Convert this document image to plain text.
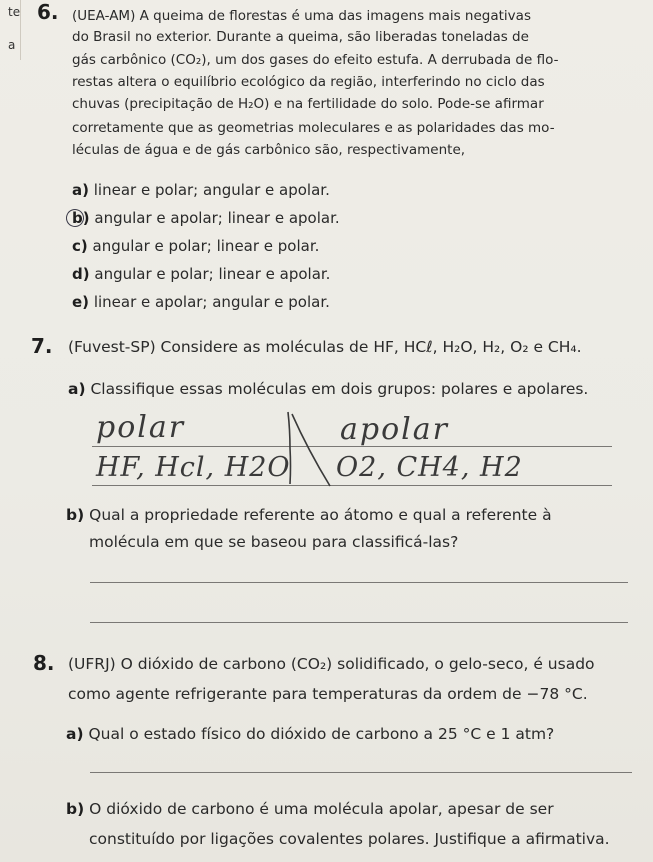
te
a
6. (UEA-AM) A queima de florestas é uma das imagens mais negativas
do Brasil no exterior. Durante a queima, são liberadas toneladas de
gás carbônico (CO₂), um dos gases do efeito estufa. A derrubada de flo-
restas altera o equilíbrio ecológico da região, interferindo no ciclo das
chuvas (precipitação de H₂O) e na fertilidade do solo. Pode-se afirmar
corretamente que as geometrias moleculares e as polaridades das mo-
léculas de água e de gás carbônico são, respectivamente,
a) linear e polar; angular e apolar.
b) angular e apolar; linear e apolar.
c) angular e polar; linear e polar.
d) angular e polar; linear e apolar.
e) linear e apolar; angular e polar.
7. (Fuvest-SP) Considere as moléculas de HF, HCℓ, H₂O, H₂, O₂ e CH₄.
a) Classifique essas moléculas em dois grupos: polares e apolares.
polar	apolar
HF, Hcl, H2O O2, CH4, H2
b) Qual a propriedade referente ao átomo e qual a referente à
molécula em que se baseou para classificá-las?
8. (UFRJ) O dióxido de carbono (CO₂) solidificado, o gelo-seco, é usado
como agente refrigerante para temperaturas da ordem de −78 °C.
a) Qual o estado físico do dióxido de carbono a 25 °C e 1 atm?
b) O dióxido de carbono é uma molécula apolar, apesar de ser
constituído por ligações covalentes polares. Justifique a afirmativa.
